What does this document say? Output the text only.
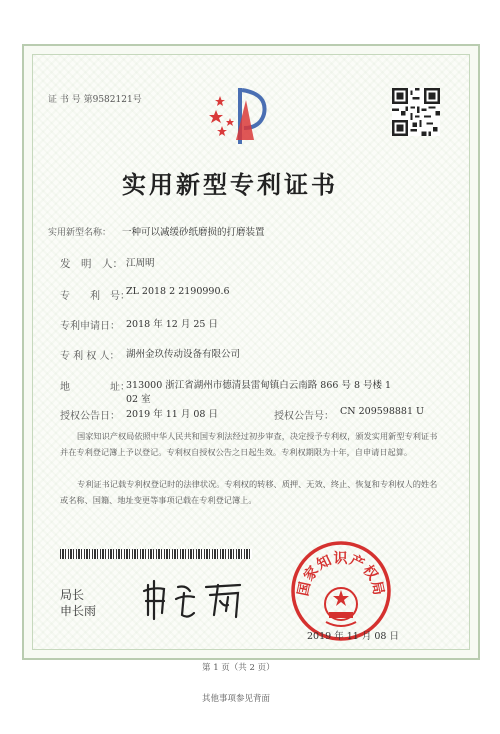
证 书 号 第9582121号
实用新型专利证书
实用新型名称： 一种可以减缓砂纸磨损的打磨装置
发　明　人： 江周明
专　　利　号：
ZL 2018 2 2190990.6
专利申请日： 2018 年 12 月 25 日
专 利 权 人： 湖州金玖传动设备有限公司
地　　　　址：
313000 浙江省湖州市德清县雷甸镇白云南路 866 号 8 号楼 1
02 室
授权公告日： 2019 年 11 月 08 日	授权公告号： CN 209598881 U
国家知识产权局依照中华人民共和国专利法经过初步审查，决定授予专利权，颁发实用新型专利证书并在专利登记簿上予以登记。专利权自授权公告之日起生效。专利权期限为十年，自申请日起算。
专利证书记载专利权登记时的法律状况。专利权的转移、质押、无效、终止、恢复和专利权人的姓名或名称、国籍、地址变更等事项记载在专利登记簿上。
局长
申长雨
国家知识产权局
2019 年 11 月 08 日
第 1 页（共 2 页）
其他事项参见背面
